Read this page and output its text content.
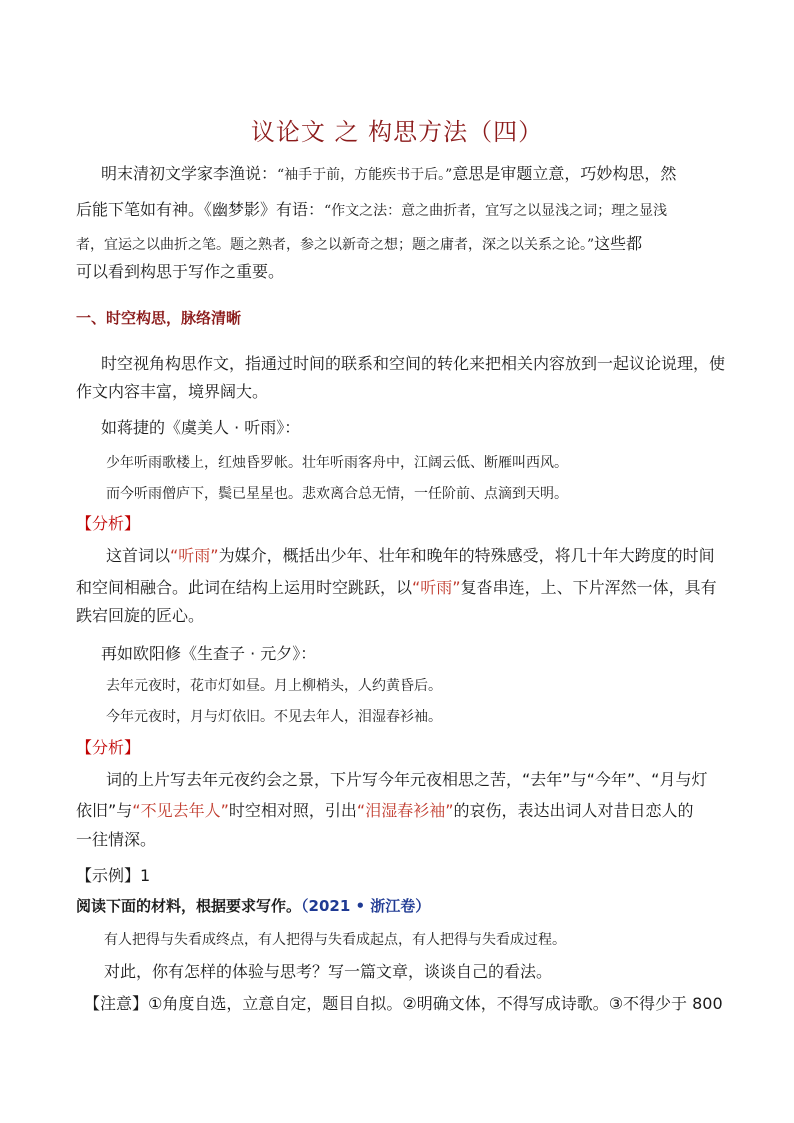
议论文 之 构思方法（四）
明末清初文学家李渔说：“袖手于前，方能疾书于后。”意思是审题立意，巧妙构思，然
后能下笔如有神。《幽梦影》有语：“作文之法：意之曲折者，宜写之以显浅之词；理之显浅
者，宜运之以曲折之笔。题之熟者，参之以新奇之想；题之庸者，深之以关系之论。”这些都
可以看到构思于写作之重要。
一、时空构思，脉络清晰
时空视角构思作文，指通过时间的联系和空间的转化来把相关内容放到一起议论说理，使
作文内容丰富，境界阔大。
如蒋捷的《虞美人 · 听雨》：
少年听雨歌楼上，红烛昏罗帐。壮年听雨客舟中，江阔云低、断雁叫西风。
而今听雨僧庐下，鬓已星星也。悲欢离合总无情，一任阶前、点滴到天明。
【分析】
这首词以“听雨”为媒介，概括出少年、壮年和晚年的特殊感受，将几十年大跨度的时间
和空间相融合。此词在结构上运用时空跳跃，以“听雨”复沓串连，上、下片浑然一体，具有
跌宕回旋的匠心。
再如欧阳修《生查子 · 元夕》：
去年元夜时，花市灯如昼。月上柳梢头，人约黄昏后。
今年元夜时，月与灯依旧。不见去年人，泪湿春衫袖。
【分析】
词的上片写去年元夜约会之景，下片写今年元夜相思之苦，“去年”与“今年”、“月与灯
依旧”与“不见去年人”时空相对照，引出“泪湿春衫袖”的哀伤，表达出词人对昔日恋人的
一往情深。
【示例】1
阅读下面的材料，根据要求写作。（2021 • 浙江卷）
有人把得与失看成终点，有人把得与失看成起点，有人把得与失看成过程。
对此，你有怎样的体验与思考？写一篇文章，谈谈自己的看法。
【注意】①角度自选，立意自定，题目自拟。②明确文体，不得写成诗歌。③不得少于 800
